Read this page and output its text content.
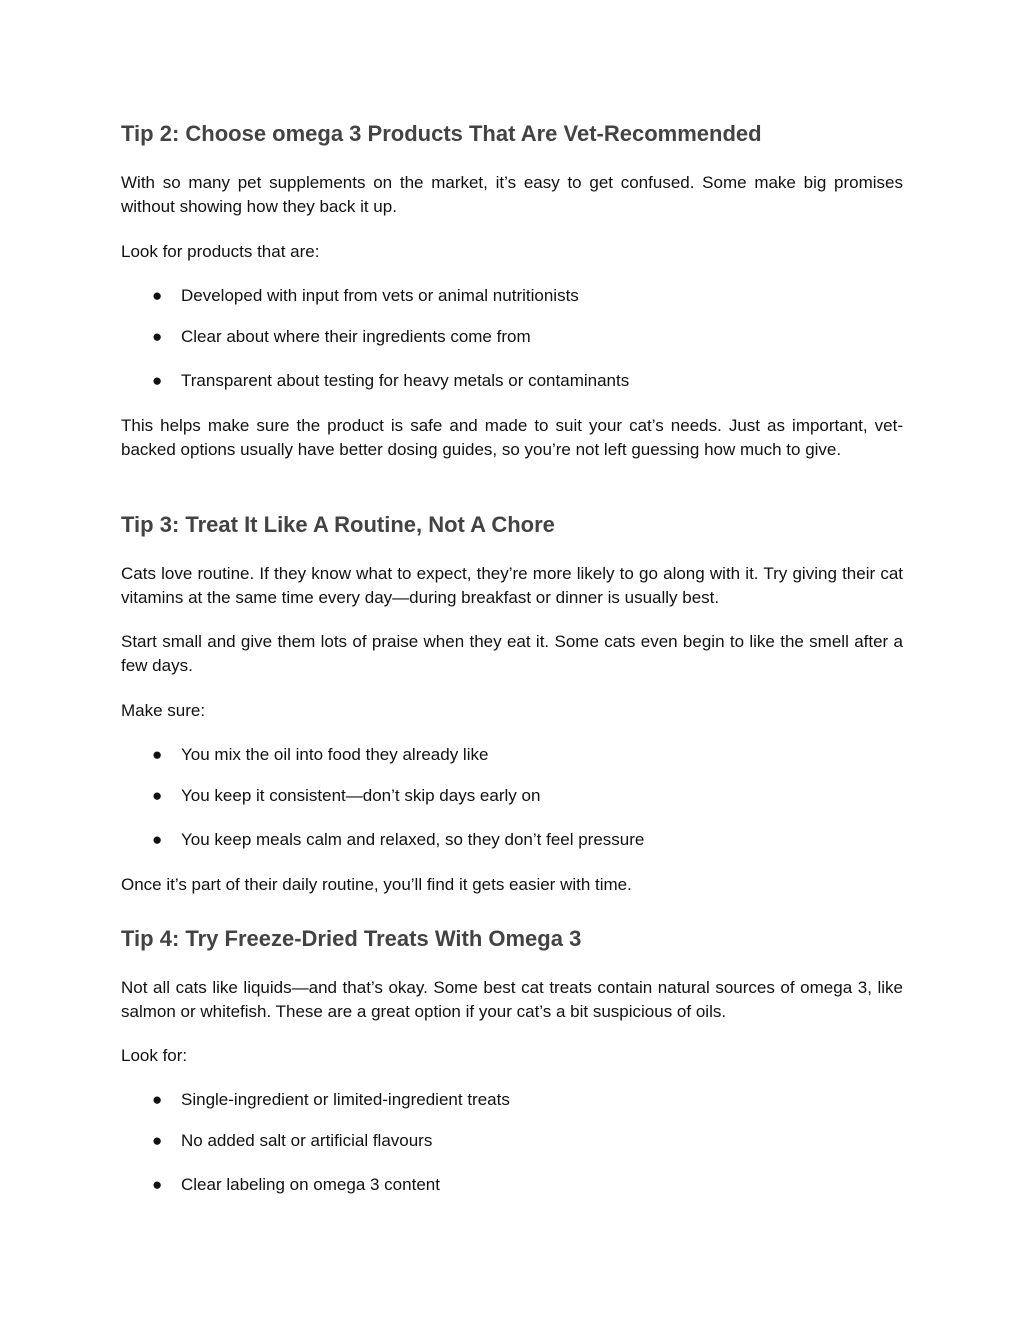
Tip 2: Choose omega 3 Products That Are Vet-Recommended

With so many pet supplements on the market, it’s easy to get confused. Some make big promises without showing how they back it up.

Look for products that are:

● Developed with input from vets or animal nutritionists
● Clear about where their ingredients come from
● Transparent about testing for heavy metals or contaminants

This helps make sure the product is safe and made to suit your cat’s needs. Just as important, vet-backed options usually have better dosing guides, so you’re not left guessing how much to give.

Tip 3: Treat It Like A Routine, Not A Chore

Cats love routine. If they know what to expect, they’re more likely to go along with it. Try giving their cat vitamins at the same time every day—during breakfast or dinner is usually best.

Start small and give them lots of praise when they eat it. Some cats even begin to like the smell after a few days.

Make sure:

● You mix the oil into food they already like
● You keep it consistent—don’t skip days early on
● You keep meals calm and relaxed, so they don’t feel pressure

Once it’s part of their daily routine, you’ll find it gets easier with time.

Tip 4: Try Freeze-Dried Treats With Omega 3

Not all cats like liquids—and that’s okay. Some best cat treats contain natural sources of omega 3, like salmon or whitefish. These are a great option if your cat’s a bit suspicious of oils.

Look for:

● Single-ingredient or limited-ingredient treats
● No added salt or artificial flavours
● Clear labeling on omega 3 content
